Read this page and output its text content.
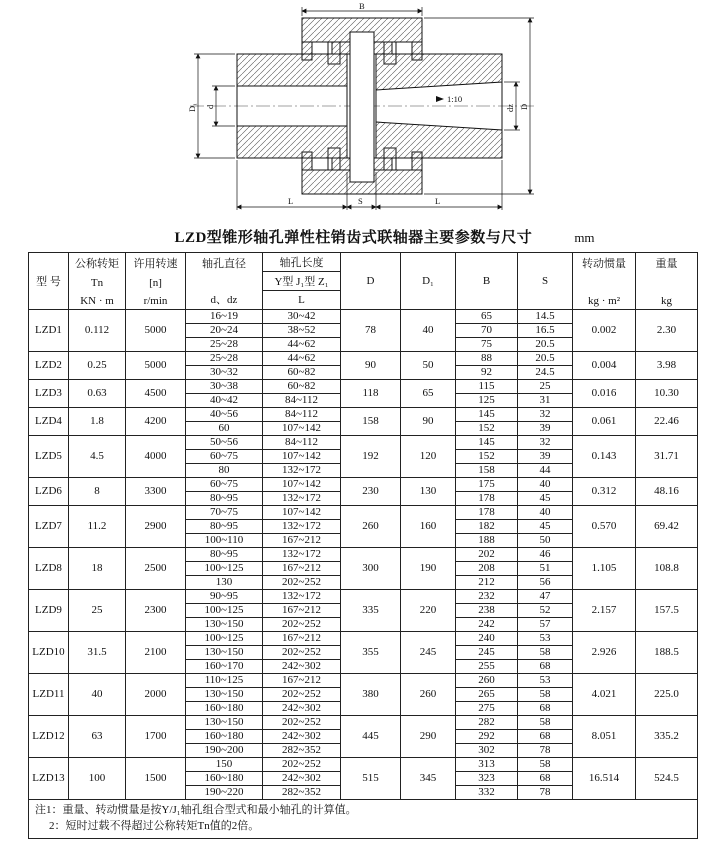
B
D
dz
D₁ d
L	S	L
1:10
LZD型锥形轴孔弹性柱销齿式联轴器主要参数与尺寸	mm
型 号

公称转矩
Tn
KN · m

许用转速
[n]
r/min

轴孔直径
d、dz

轴孔长度
Y型 J₁型 Z₁
L

D	D₁	B	S

转动惯量
kg · m²

重量
kg

LZD1	0.112	5000	16~19	30~42	78	40	65	14.5	0.002	2.30
			20~24	38~52			70	16.5		
			25~28	44~62			75	20.5		
LZD2	0.25	5000	25~28	44~62	90	50	88	20.5	0.004	3.98
			30~32	60~82			92	24.5		
LZD3	0.63	4500	30~38	60~82	118	65	115	25	0.016	10.30
			40~42	84~112			125	31		
LZD4	1.8	4200	40~56	84~112	158	90	145	32	0.061	22.46
			60	107~142			152	39		
LZD5	4.5	4000	50~56	84~112	192	120	145	32	0.143	31.71
			60~75	107~142			152	39		
			80	132~172			158	44		
LZD6	8	3300	60~75	107~142	230	130	175	40	0.312	48.16
			80~95	132~172			178	45		
LZD7	11.2	2900	70~75	107~142	260	160	178	40	0.570	69.42
			80~95	132~172			182	45		
			100~110	167~212			188	50		
LZD8	18	2500	80~95	132~172	300	190	202	46	1.105	108.8
			100~125	167~212			208	51		
			130	202~252			212	56		
LZD9	25	2300	90~95	132~172	335	220	232	47	2.157	157.5
			100~125	167~212			238	52		
			130~150	202~252			242	57		
LZD10	31.5	2100	100~125	167~212	355	245	240	53	2.926	188.5
			130~150	202~252			245	58		
			160~170	242~302			255	68		
LZD11	40	2000	110~125	167~212	380	260	260	53	4.021	225.0
			130~150	202~252			265	58		
			160~180	242~302			275	68		
LZD12	63	1700	130~150	202~252	445	290	282	58	8.051	335.2
			160~180	242~302			292	68		
			190~200	282~352			302	78		
LZD13	100	1500	150	202~252	515	345	313	58	16.514	524.5
			160~180	242~302			323	68		
			190~220	282~352			332	78		

注1：重量、转动惯量是按Y/J₁轴孔组合型式和最小轴孔的计算值。
2：短时过载不得超过公称转矩Tn值的2倍。										
